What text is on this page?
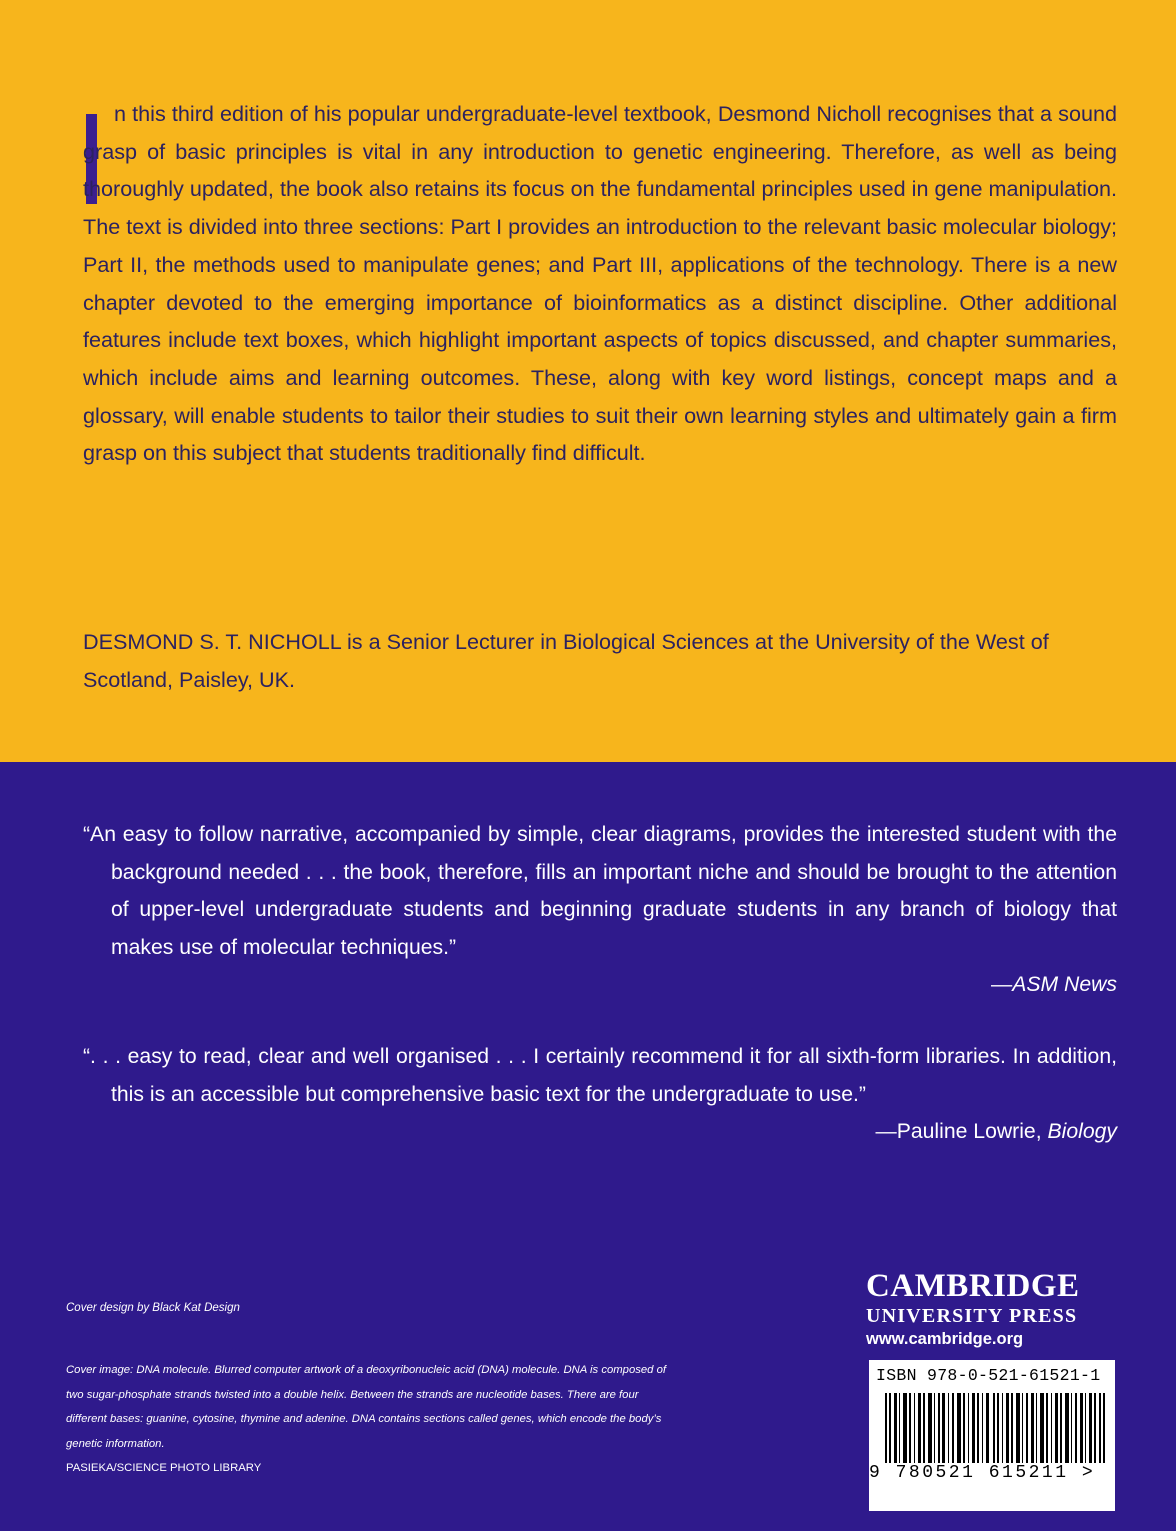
n this third edition of his popular undergraduate-level textbook, Desmond Nicholl recognises that a sound grasp of basic principles is vital in any introduction to genetic engineering. Therefore, as well as being thoroughly updated, the book also retains its focus on the fundamental principles used in gene manipulation. The text is divided into three sections: Part I provides an introduction to the relevant basic molecular biology; Part II, the methods used to manipulate genes; and Part III, applications of the technology. There is a new chapter devoted to the emerging importance of bioinformatics as a distinct discipline. Other additional features include text boxes, which highlight important aspects of topics discussed, and chapter summaries, which include aims and learning outcomes. These, along with key word listings, concept maps and a glossary, will enable students to tailor their studies to suit their own learning styles and ultimately gain a firm grasp on this subject that students traditionally find difficult.

DESMOND S. T. NICHOLL is a Senior Lecturer in Biological Sciences at the University of the West of Scotland, Paisley, UK.

“An easy to follow narrative, accompanied by simple, clear diagrams, provides the interested student with the background needed . . . the book, therefore, fills an important niche and should be brought to the attention of upper-level undergraduate students and beginning graduate students in any branch of biology that makes use of molecular techniques.”
—ASM News
“. . . easy to read, clear and well organised . . . I certainly recommend it for all sixth-form libraries. In addition, this is an accessible but comprehensive basic text for the undergraduate to use.”
—Pauline Lowrie, Biology
Cover design by Black Kat Design

Cover image: DNA molecule. Blurred computer artwork of a deoxyribonucleic acid (DNA) molecule. DNA is composed of two sugar-phosphate strands twisted into a double helix. Between the strands are nucleotide bases. There are four different bases: guanine, cytosine, thymine and adenine. DNA contains sections called genes, which encode the body’s genetic information.
PASIEKA/SCIENCE PHOTO LIBRARY

CAMBRIDGE
UNIVERSITY PRESS
www.cambridge.org
ISBN 978-0-521-61521-1
9 780521 615211 >
